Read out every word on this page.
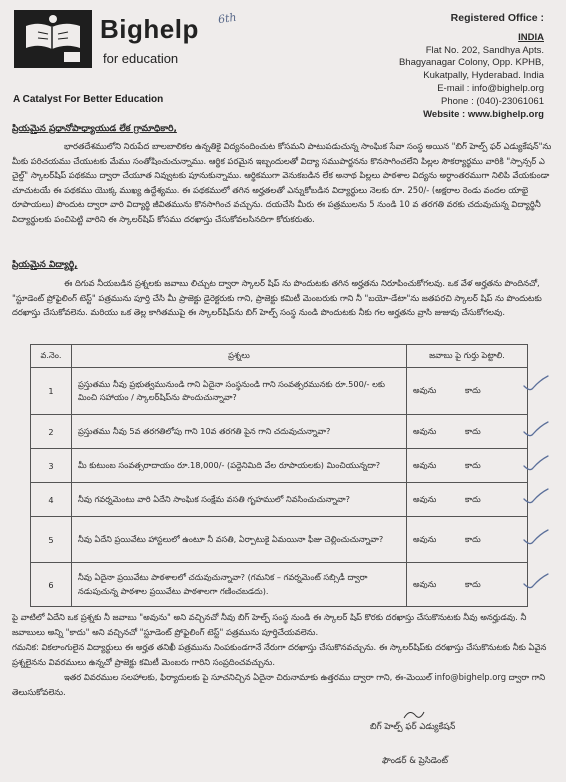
Bighelp
for education
A Catalyst For Better Education
6th	Registered Office :
INDIA
Flat No. 202, Sandhya Apts.
Bhagyanagar Colony, Opp. KPHB,
Kukatpally, Hyderabad. India
E-mail : info@bighelp.org
Phone : (040)-23061061
Website : www.bighelp.org
ప్రియమైన ప్రధానోపాధ్యాయుడ లేక గ్రామాధికారి,
భారతదేశములోని నిరుపేద బాలబాలికల ఉన్నతికై విద్యనందించుట కోసమని పాటుపడుచున్న సాంఘిక సేవా సంస్థ అయిన "బిగ్ హెల్ప్ ఫర్ ఎడ్యుకేషన్"ను మీకు పరిచయము చేయుటకు మేము సంతోషించుచున్నాము. ఆర్థిక పరమైన ఇబ్బందులతో విద్యా సముపార్జనను కొనసాగించలేని పిల్లల సౌకర్యార్థము వారికి "స్పాన్సర్ ఎ చైల్డ్" స్కాలర్‌షిప్ పథకము ద్వారా చేయూత నివ్వుటకు పూనుకున్నాము. ఆర్థికముగా వెనుకబడిన లేక అనాథ పిల్లలు పాఠశాల విద్యను అర్ధాంతరముగా నిలిపి వేయకుండా చూచుటయే ఈ పథకము యొక్క ముఖ్య ఉద్దేశ్యము. ఈ పథకములో తగిన అర్హతలతో ఎన్నుకోబడిన విద్యార్థులు నెలకు రూ. 250/- (అక్షరాల రెండు వందల యాభై రూపాయలు) పొందుట ద్వారా వారి విద్యార్థి జీవితమును కొనసాగించ వచ్చును. దయచేసి మీరు ఈ పత్రములను 5 నుండి 10 వ తరగతి వరకు చదువుచున్న విద్యార్థినీ విద్యార్థులకు పంచిపెట్టి వారిని ఈ స్కాలర్‌షిప్ కోసము దరఖాస్తు చేసుకోవలసినదిగా కోరుకరుతు.
ప్రియమైన విద్యార్థి,
ఈ దిగువ నీయబడిన ప్రశ్నలకు జవాబు లిచ్చుట ద్వారా స్కాలర్ షిప్ ను పొందుటకు తగిన అర్హతను నిరూపించుకోగలవు. ఒక వేళ అర్హతను పొందినచో, "స్టూడెంట్ ప్రోఫైలింగ్ టెస్ట్" పత్రమును పూర్తి చేసి మీ ప్రాజెక్టు డైరెక్టరుకు గాని, ప్రాజెక్టు కమిటీ మెంబరుకు గాని నీ "బయో-డేటా"ను జతపరచి స్కాలర్ షిప్ ను పొందుటకు దరఖాస్తు చేసుకోవలెను. మరియు ఒక తెల్ల కాగితముపై ఈ స్కాలర్‌షిప్‌ను బిగ్ హెల్ప్ సంస్థ నుండి పొందుటకు నీకు గల అర్హతను వ్రాసి జుజువు చేసుకోగలవు.
వ.నెం.	ప్రశ్నలు	జవాబు పై గుర్తు పెట్టాలి.
1	ప్రస్తుతము నీవు ప్రభుత్వమునుండి గాని ఏదైనా సంస్థనుండి గాని సంవత్సరమునకు రూ.500/- లకు మించి సహాయం / స్కాలర్‌షిప్‌ను పొందుచున్నావా?	అవును కాదు
2	ప్రస్తుతము నీవు 5వ తరగతిలోపు గాని 10వ తరగతి పైన గాని చదువుచున్నావా?	అవును కాదు
3	మీ కుటుంబ సంవత్సరాదాయం రూ.18,000/- (పద్దెనిమిది వేల రూపాయలకు) మించియున్నదా?	అవును కాదు
4	నీవు గవర్నమెంటు వారి ఏదేని సాంఘిక సంక్షేమ వసతి గృహములో నివసించుచున్నావా?	అవును కాదు
5	నీవు ఏదేని ప్రయివేటు హాస్టలులో ఉంటూ నీ వసతి, ఏర్పాటుకై ఏమయినా ఫీజు చెల్లించుచున్నావా?	అవును కాదు
6	నీవు ఏదైనా ప్రయివేటు పాఠశాలలో చదువుచున్నావా? (గమనిక – గవర్నమెంట్ సబ్సిడీ ద్వారా నడుపుచున్న పాఠశాల ప్రయివేటు పాఠశాలగా గణించబడదు).	అవును కాదు
పై వాటిలో ఏదేని ఒక ప్రశ్నకు నీ జవాబు "అవును" అని వచ్చినచో నీవు బిగ్ హెల్ప్ సంస్థ నుండి ఈ స్కాలర్ షిప్ కొరకు దరఖాస్తు చేసుకొనుటకు నీవు అనర్హుడవు. నీ జవాబులు అన్ని "కాదు" అని వచ్చినచో "స్టూడెంట్ ప్రోఫైలింగ్ టెస్ట్" పత్రమును పూర్తిచేయవలెను.
గమనిక: వికలాంగులైన విద్యార్థులు ఈ అర్హత తనిఖీ పత్రమును నింపకుండగానే నేరుగా దరఖాస్తు చేసుకొనవచ్చును. ఈ స్కాలర్‌షిప్‌కు దరఖాస్తు చేసుకొనుటకు నీకు ఏవైన ప్రశ్నలైనను వివరములు ఉన్నచో ప్రాజెక్టు కమిటీ మెంబరు గారిని సంప్రదించవచ్చును.
ఇతర వివరముల సలహాలకు, ఫిర్యాదులకు పై సూచనిచ్చిన ఏదైనా చిరునామాకు ఉత్తరము ద్వారా గాని, ఈ-మెయిల్ info@bighelp.org ద్వారా గాని తెలుసుకోవలెను.
బిగ్ హెల్ప్ ఫర్ ఎడ్యుకేషన్
ఫౌండర్ & ప్రెసిడెంట్
